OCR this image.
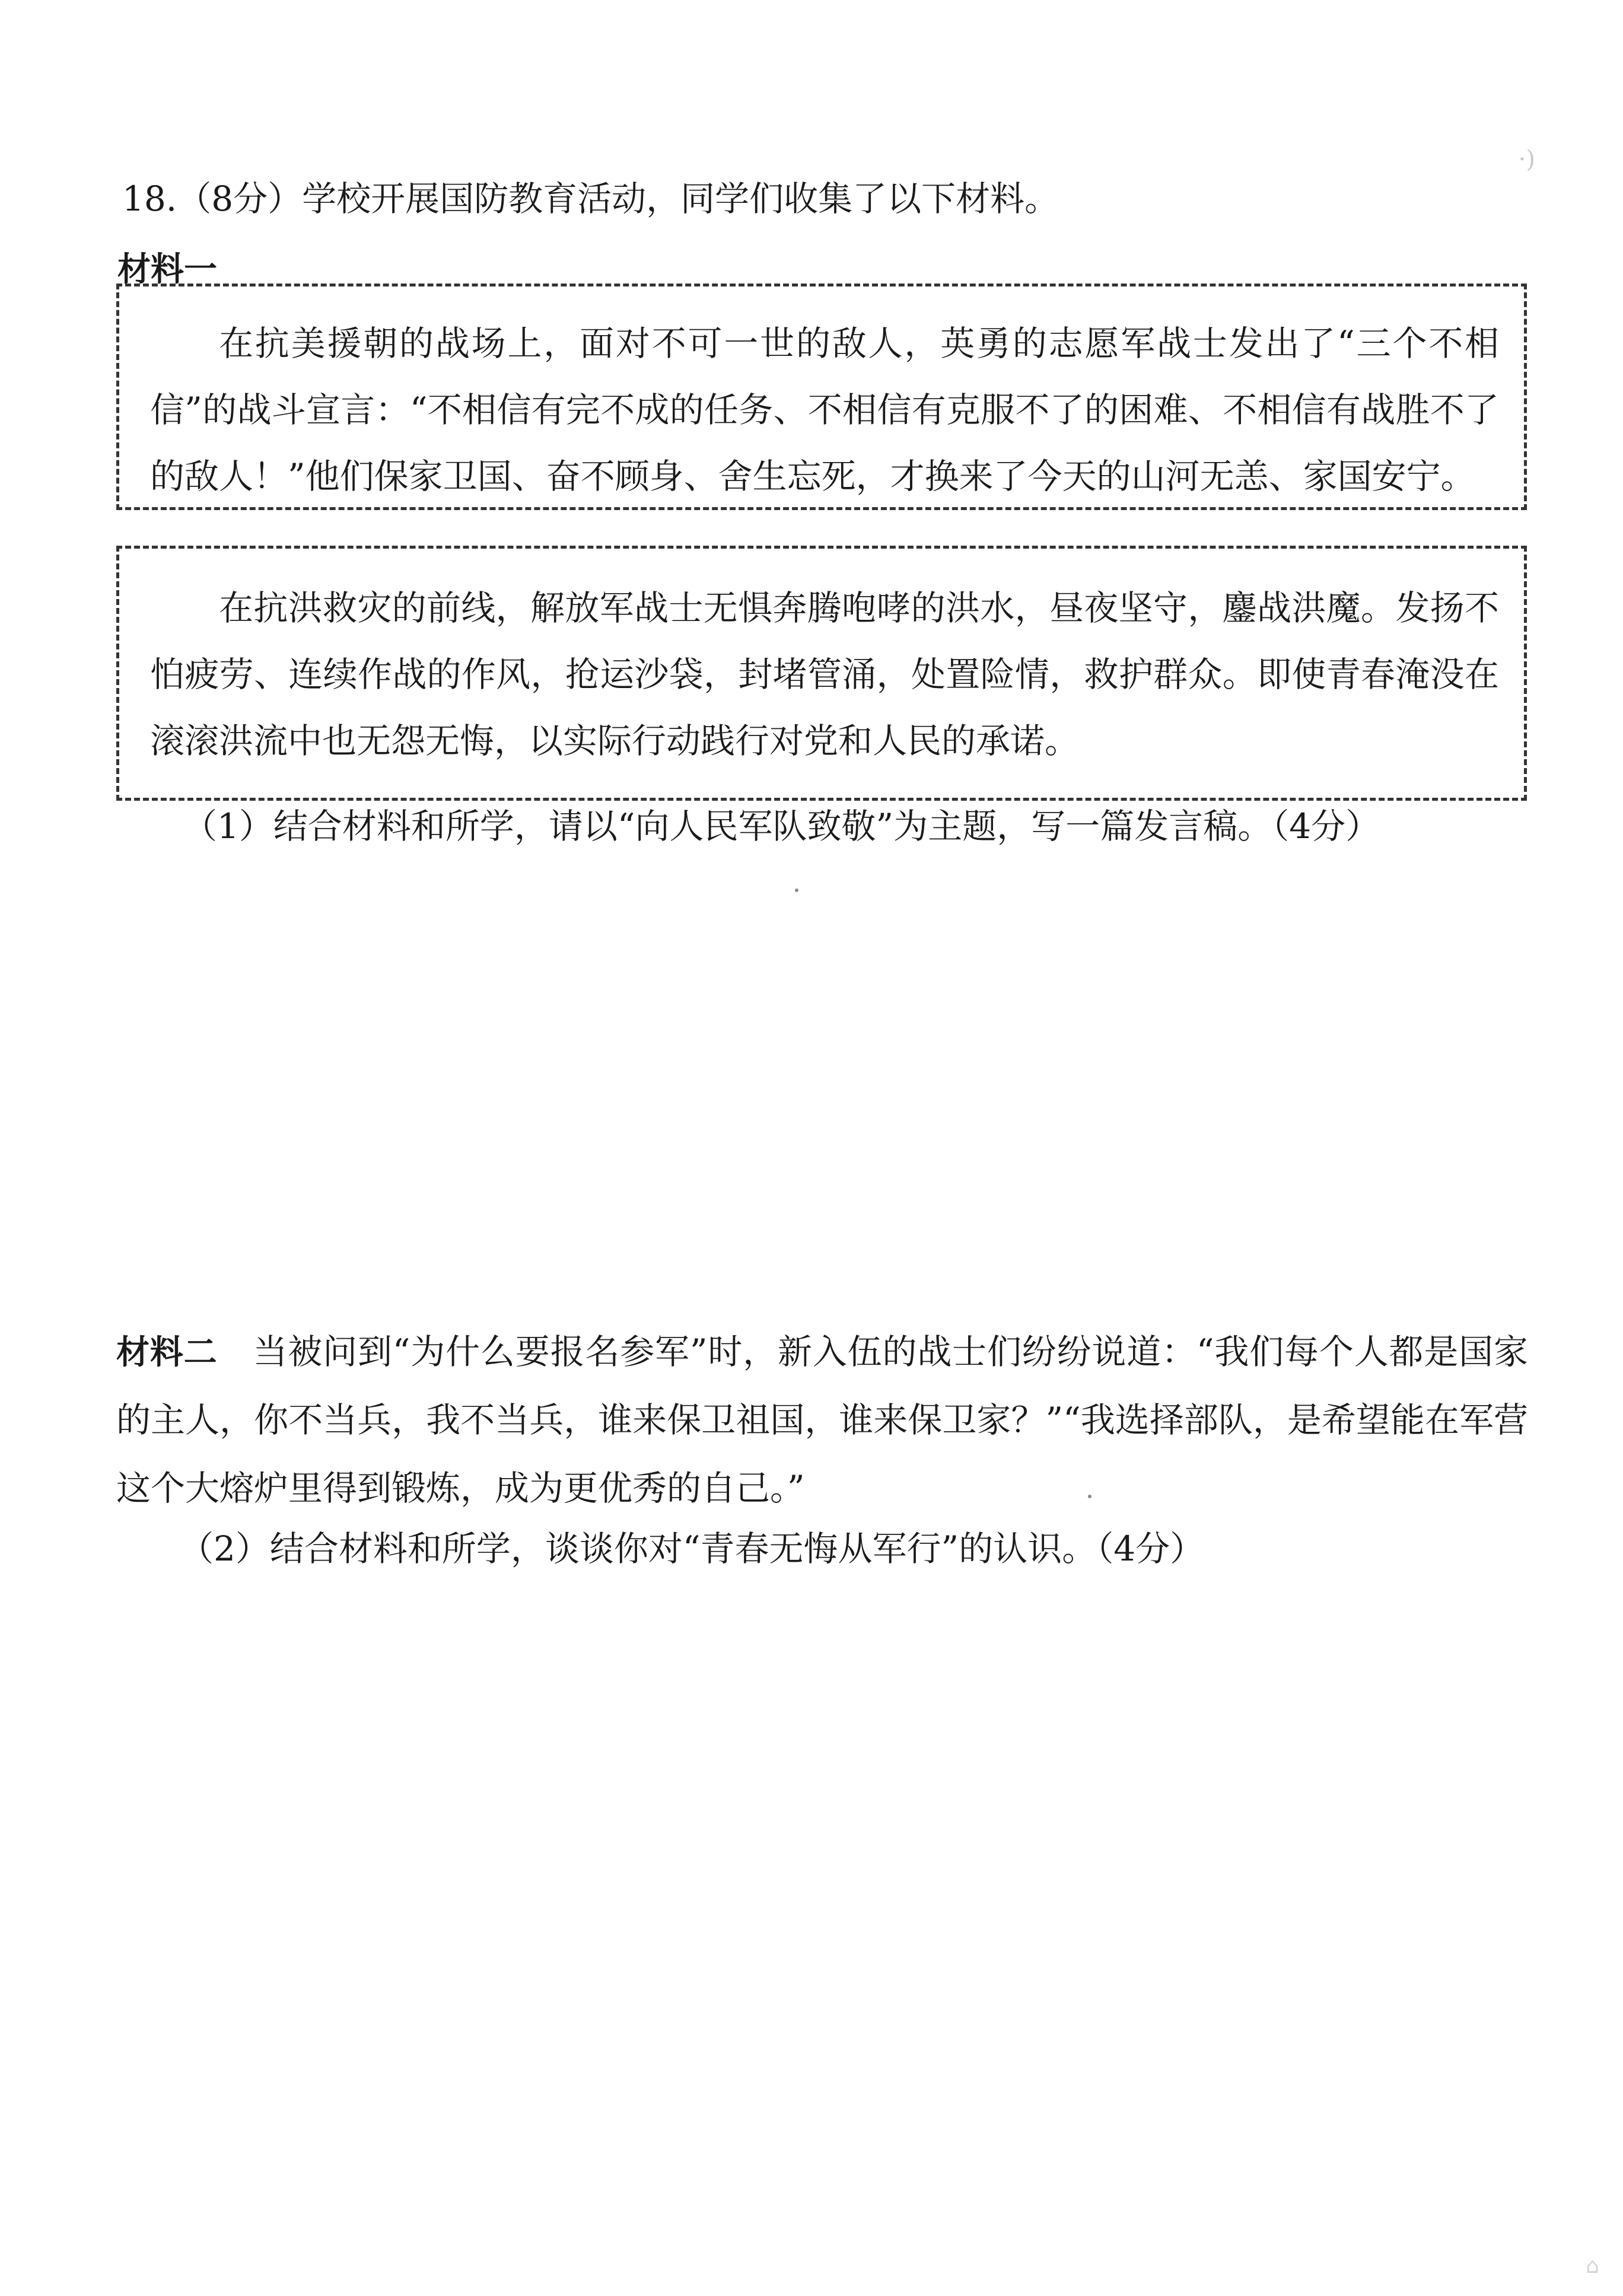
·)
18.（8分）学校开展国防教育活动，同学们收集了以下材料。
材料一

在抗美援朝的战场上，面对不可一世的敌人，英勇的志愿军战士发出了“三个不相信”的战斗宣言：“不相信有完不成的任务、不相信有克服不了的困难、不相信有战胜不了的敌人！”他们保家卫国、奋不顾身、舍生忘死，才换来了今天的山河无恙、家国安宁。

在抗洪救灾的前线，解放军战士无惧奔腾咆哮的洪水，昼夜坚守，鏖战洪魔。发扬不怕疲劳、连续作战的作风，抢运沙袋，封堵管涌，处置险情，救护群众。即使青春淹没在滚滚洪流中也无怨无悔，以实际行动践行对党和人民的承诺。

（1）结合材料和所学，请以“向人民军队致敬”为主题，写一篇发言稿。（4分）

材料二 当被问到“为什么要报名参军”时，新入伍的战士们纷纷说道：“我们每个人都是国家的主人，你不当兵，我不当兵，谁来保卫祖国，谁来保卫家？”“我选择部队，是希望能在军营这个大熔炉里得到锻炼，成为更优秀的自己。”

（2）结合材料和所学，谈谈你对“青春无悔从军行”的认识。（4分）
⌂
